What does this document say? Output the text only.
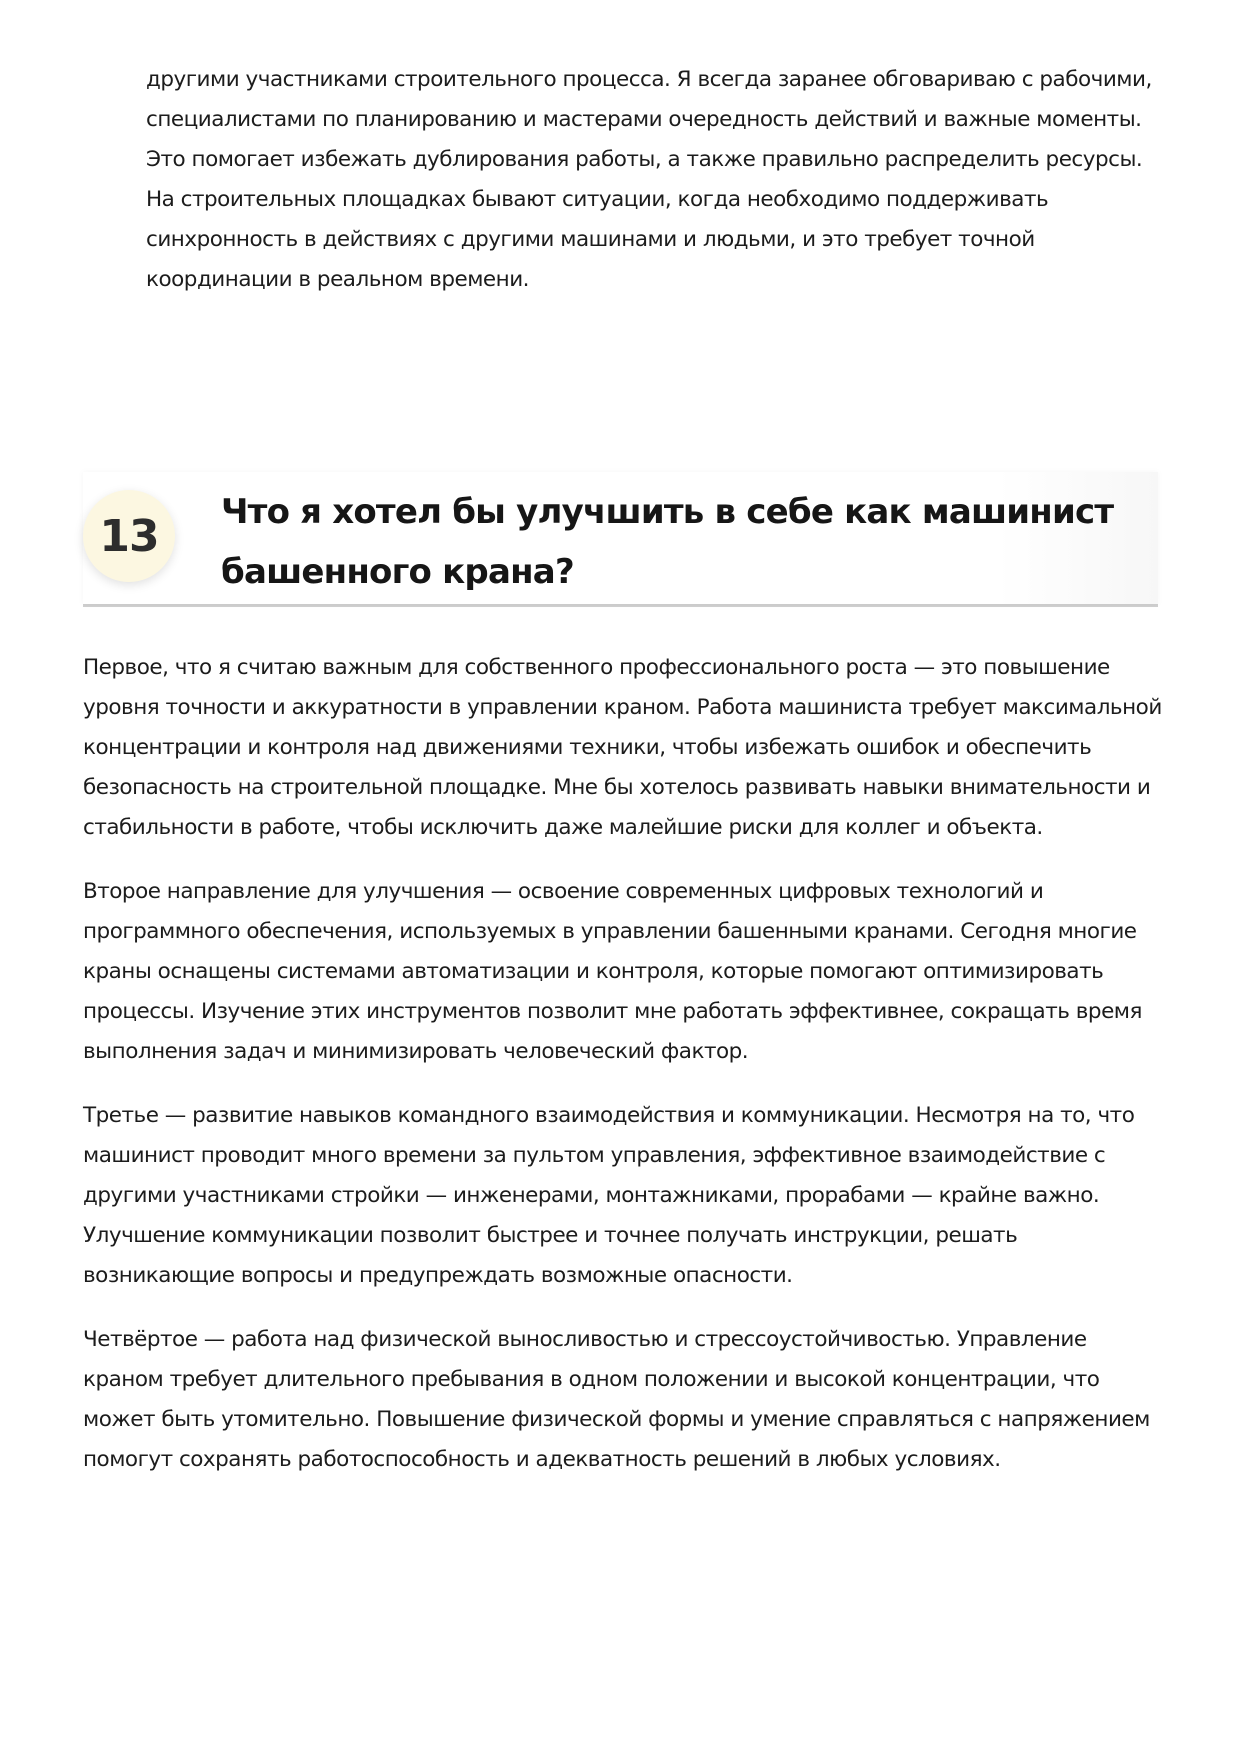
другими участниками строительного процесса. Я всегда заранее обговариваю с рабочими, специалистами по планированию и мастерами очередность действий и важные моменты. Это помогает избежать дублирования работы, а также правильно распределить ресурсы. На строительных площадках бывают ситуации, когда необходимо поддерживать синхронность в действиях с другими машинами и людьми, и это требует точной координации в реальном времени.
13	Что я хотел бы улучшить в себе как машинист башенного крана?

Первое, что я считаю важным для собственного профессионального роста — это повышение уровня точности и аккуратности в управлении краном. Работа машиниста требует максимальной концентрации и контроля над движениями техники, чтобы избежать ошибок и обеспечить безопасность на строительной площадке. Мне бы хотелось развивать навыки внимательности и стабильности в работе, чтобы исключить даже малейшие риски для коллег и объекта.

Второе направление для улучшения — освоение современных цифровых технологий и программного обеспечения, используемых в управлении башенными кранами. Сегодня многие краны оснащены системами автоматизации и контроля, которые помогают оптимизировать процессы. Изучение этих инструментов позволит мне работать эффективнее, сокращать время выполнения задач и минимизировать человеческий фактор.

Третье — развитие навыков командного взаимодействия и коммуникации. Несмотря на то, что машинист проводит много времени за пультом управления, эффективное взаимодействие с другими участниками стройки — инженерами, монтажниками, прорабами — крайне важно. Улучшение коммуникации позволит быстрее и точнее получать инструкции, решать возникающие вопросы и предупреждать возможные опасности.

Четвёртое — работа над физической выносливостью и стрессоустойчивостью. Управление краном требует длительного пребывания в одном положении и высокой концентрации, что может быть утомительно. Повышение физической формы и умение справляться с напряжением помогут сохранять работоспособность и адекватность решений в любых условиях.
